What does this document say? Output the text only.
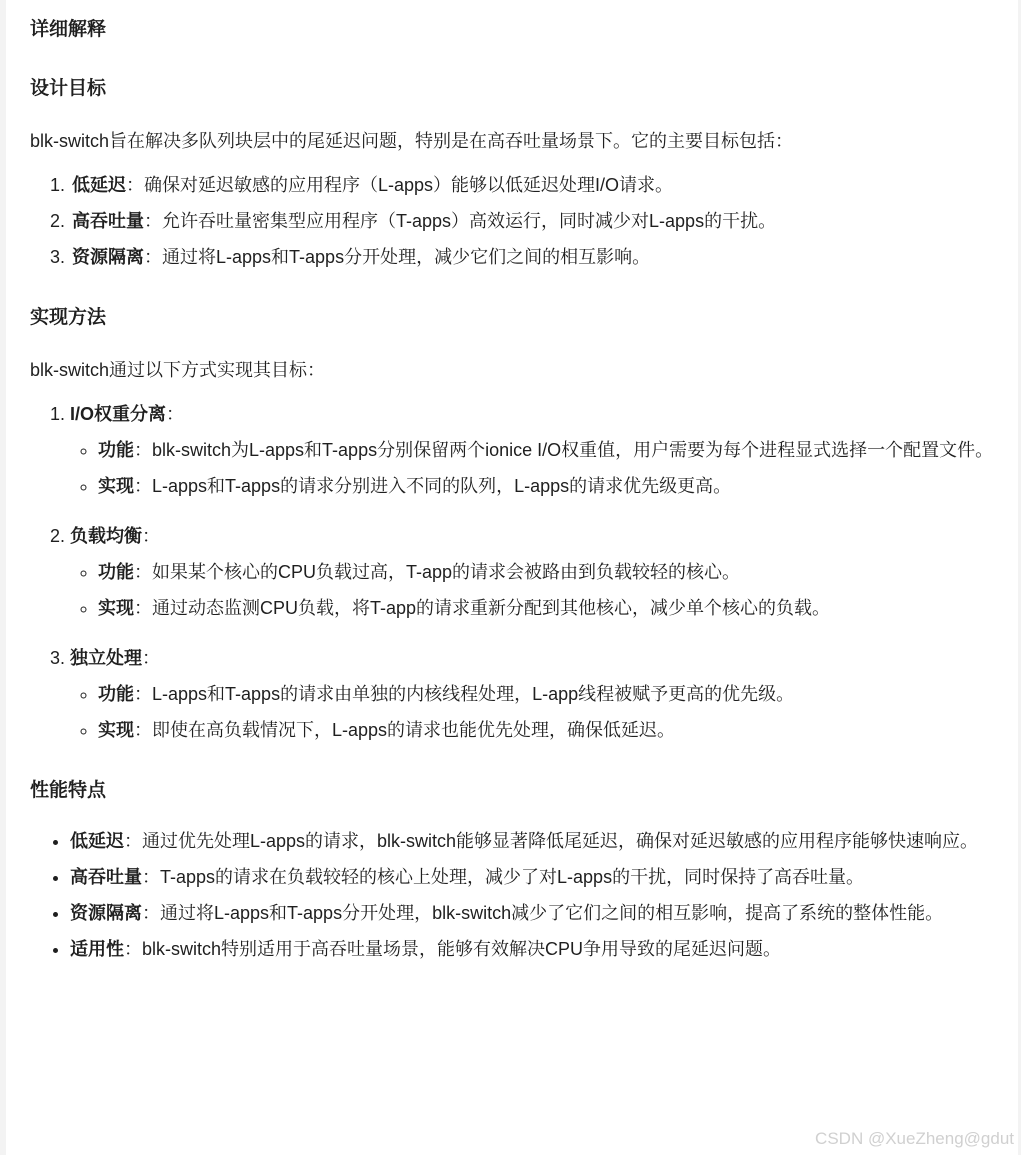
详细解释
设计目标

blk-switch旨在解决多队列块层中的尾延迟问题，特别是在高吞吐量场景下。它的主要目标包括：

1. 低延迟：确保对延迟敏感的应用程序（L-apps）能够以低延迟处理I/O请求。
2. 高吞吐量：允许吞吐量密集型应用程序（T-apps）高效运行，同时减少对L-apps的干扰。
3. 资源隔离：通过将L-apps和T-apps分开处理，减少它们之间的相互影响。
实现方法

blk-switch通过以下方式实现其目标：

1. I/O权重分离：
◦ 功能：blk-switch为L-apps和T-apps分别保留两个ionice I/O权重值，用户需要为每个进程显式选择一个配置文件。
◦ 实现：L-apps和T-apps的请求分别进入不同的队列，L-apps的请求优先级更高。
2. 负载均衡：
◦ 功能：如果某个核心的CPU负载过高，T-app的请求会被路由到负载较轻的核心。
◦ 实现：通过动态监测CPU负载，将T-app的请求重新分配到其他核心，减少单个核心的负载。
3. 独立处理：
◦ 功能：L-apps和T-apps的请求由单独的内核线程处理，L-app线程被赋予更高的优先级。
◦ 实现：即使在高负载情况下，L-apps的请求也能优先处理，确保低延迟。
性能特点
• 低延迟：通过优先处理L-apps的请求，blk-switch能够显著降低尾延迟，确保对延迟敏感的应用程序能够快速响应。
• 高吞吐量：T-apps的请求在负载较轻的核心上处理，减少了对L-apps的干扰，同时保持了高吞吐量。
• 资源隔离：通过将L-apps和T-apps分开处理，blk-switch减少了它们之间的相互影响，提高了系统的整体性能。
• 适用性：blk-switch特别适用于高吞吐量场景，能够有效解决CPU争用导致的尾延迟问题。
CSDN @XueZheng@gdut
